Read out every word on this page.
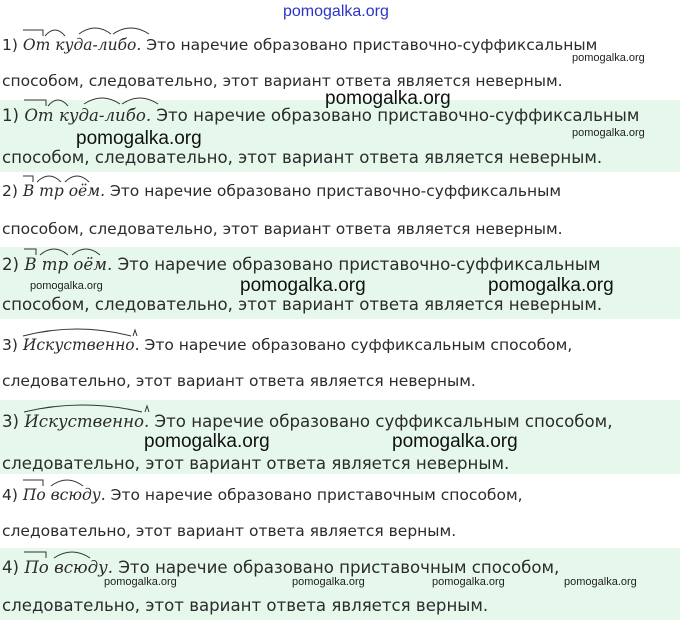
pomogalka.org
1) От куда-либо. Это наречие образовано приставочно-суффиксальным
способом, следовательно, этот вариант ответа является неверным.
pomogalka.org
1) От куда-либо. Это наречие образовано приставочно-суффиксальным
способом, следовательно, этот вариант ответа является неверным.
pomogalka.org
pomogalka.org	pomogalka.org
2) В тр оём. Это наречие образовано приставочно-суффиксальным
способом, следовательно, этот вариант ответа является неверным.
2) В тр оём. Это наречие образовано приставочно-суффиксальным
способом, следовательно, этот вариант ответа является неверным.
pomogalka.org	pomogalka.org	pomogalka.org
3) Искуственно. Это наречие образовано суффиксальным способом,
следовательно, этот вариант ответа является неверным.
3) Искуственно. Это наречие образовано суффиксальным способом,
следовательно, этот вариант ответа является неверным.
pomogalka.org	pomogalka.org
4) По всюду. Это наречие образовано приставочным способом,
следовательно, этот вариант ответа является верным.
4) По всюду. Это наречие образовано приставочным способом,
следовательно, этот вариант ответа является верным.
pomogalka.org	pomogalka.org	pomogalka.org	pomogalka.org
